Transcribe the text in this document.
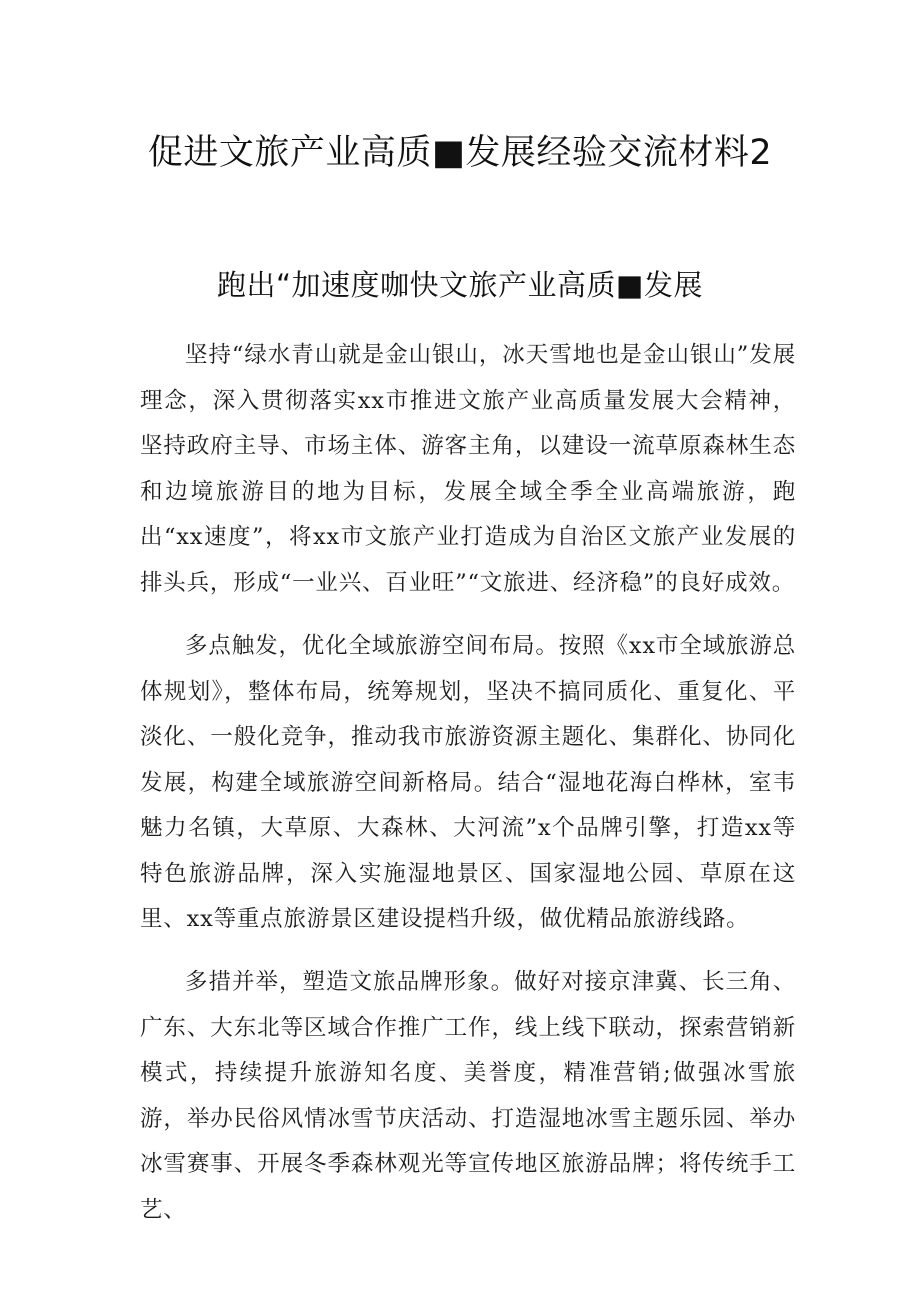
促进文旅产业高质■发展经验交流材料2
跑出“加速度咖快文旅产业高质■发展

坚持“绿水青山就是金山银山，冰天雪地也是金山银山”发展理念，深入贯彻落实xx市推进文旅产业高质量发展大会精神，坚持政府主导、市场主体、游客主角，以建设一流草原森林生态和边境旅游目的地为目标，发展全域全季全业高端旅游，跑出“xx速度”，将xx市文旅产业打造成为自治区文旅产业发展的排头兵，形成“一业兴、百业旺”“文旅进、经济稳”的良好成效。

多点触发，优化全域旅游空间布局。按照《xx市全域旅游总体规划》，整体布局，统筹规划，坚决不搞同质化、重复化、平淡化、一般化竞争，推动我市旅游资源主题化、集群化、协同化发展，构建全域旅游空间新格局。结合“湿地花海白桦林，室韦魅力名镇，大草原、大森林、大河流”x个品牌引擎，打造xx等特色旅游品牌，深入实施湿地景区、国家湿地公园、草原在这里、xx等重点旅游景区建设提档升级，做优精品旅游线路。

多措并举，塑造文旅品牌形象。做好对接京津冀、长三角、广东、大东北等区域合作推广工作，线上线下联动，探索营销新模式，持续提升旅游知名度、美誉度，精准营销;做强冰雪旅游，举办民俗风情冰雪节庆活动、打造湿地冰雪主题乐园、举办冰雪赛事、开展冬季森林观光等宣传地区旅游品牌；将传统手工艺、
